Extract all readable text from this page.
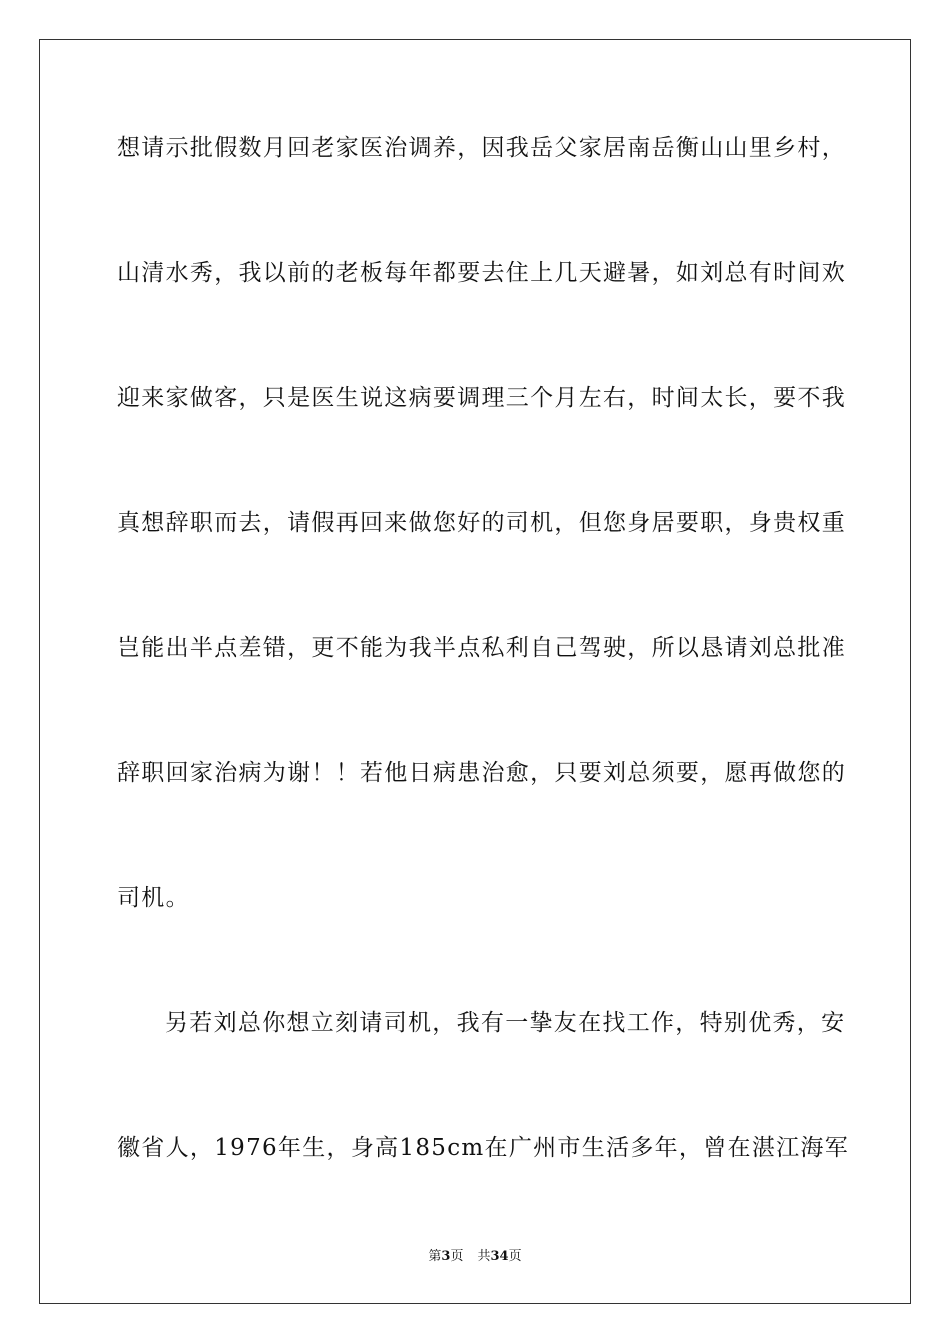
想请示批假数月回老家医治调养，因我岳父家居南岳衡山山里乡村，
山清水秀，我以前的老板每年都要去住上几天避暑，如刘总有时间欢
迎来家做客，只是医生说这病要调理三个月左右，时间太长，要不我
真想辞职而去，请假再回来做您好的司机，但您身居要职，身贵权重
岂能出半点差错，更不能为我半点私利自己驾驶，所以恳请刘总批准
辞职回家治病为谢！！若他日病患治愈，只要刘总须要，愿再做您的
司机。
另若刘总你想立刻请司机，我有一挚友在找工作，特别优秀，安
徽省人，1976年生，身高185cm在广州市生活多年，曾在湛江海军
第3页 共34页
